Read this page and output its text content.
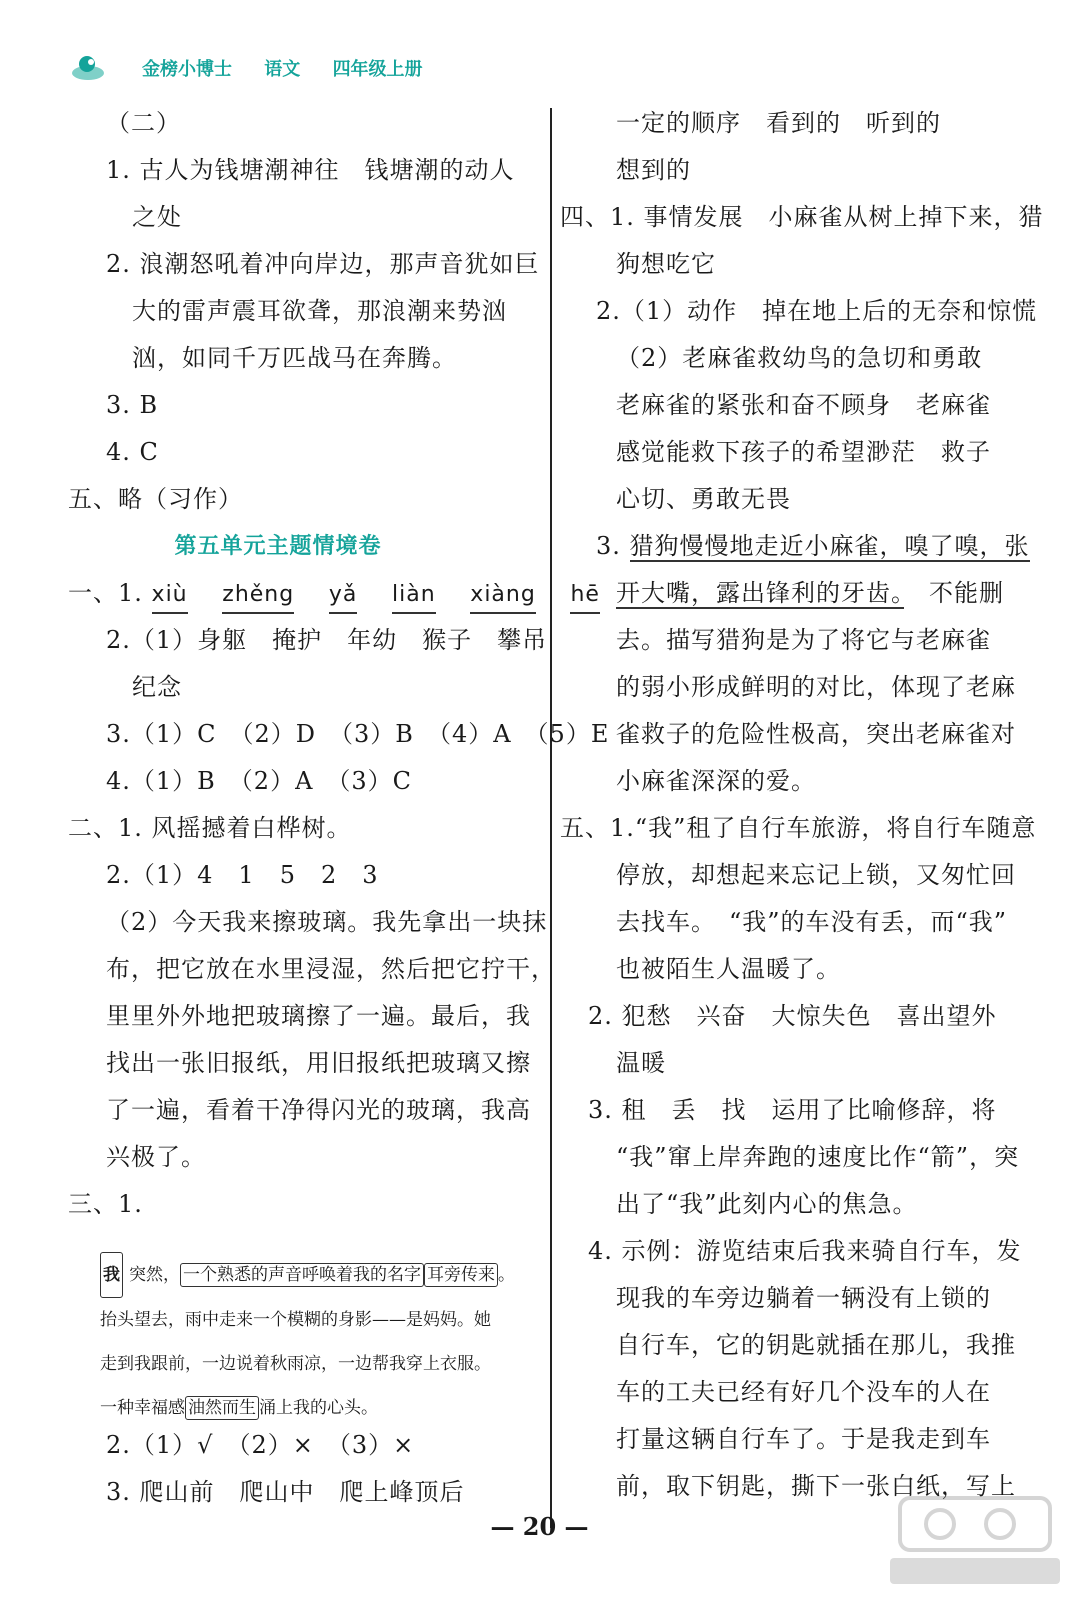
金榜小博士 语文 四年级上册
（二）
1. 古人为钱塘潮神往　钱塘潮的动人
之处
2. 浪潮怒吼着冲向岸边，那声音犹如巨
大的雷声震耳欲聋，那浪潮来势汹
汹，如同千万匹战马在奔腾。
3. B
4. C
五、略（习作）
第五单元主题情境卷
一、1. xiù zhěng yǎ liàn xiàng hē
2.（1）身躯　掩护　年幼　猴子　攀吊
纪念
3.（1）C　（2）D　（3）B　（4）A　（5）E
4.（1）B　（2）A　（3）C
二、1. 风摇撼着白桦树。
2.（1）4　1　5　2　3
（2）今天我来擦玻璃。我先拿出一块抹
布，把它放在水里浸湿，然后把它拧干，
里里外外地把玻璃擦了一遍。最后，我
找出一张旧报纸，用旧报纸把玻璃又擦
了一遍，看着干净得闪光的玻璃，我高
兴极了。
三、1.
我 突然， 一个熟悉的声音呼唤着我的名字 耳旁传来 。
抬头望去，雨中走来一个模糊的身影——是妈妈。她
走到我跟前，一边说着秋雨凉，一边帮我穿上衣服。
一种幸福感 油然而生 涌上我的心头。
2.（1）√　（2）×　（3）×
3. 爬山前　爬山中　爬上峰顶后
一定的顺序　看到的　听到的
想到的
四、1. 事情发展　小麻雀从树上掉下来，猎
狗想吃它
2.（1）动作　掉在地上后的无奈和惊慌
（2）老麻雀救幼鸟的急切和勇敢
老麻雀的紧张和奋不顾身　老麻雀
感觉能救下孩子的希望渺茫　救子
心切、勇敢无畏
3. 猎狗慢慢地走近小麻雀，嗅了嗅，张
开大嘴，露出锋利的牙齿。　不能删
去。描写猎狗是为了将它与老麻雀
的弱小形成鲜明的对比，体现了老麻
雀救子的危险性极高，突出老麻雀对
小麻雀深深的爱。
五、1.“我”租了自行车旅游，将自行车随意
停放，却想起来忘记上锁，又匆忙回
去找车。　“我”的车没有丢，而“我”
也被陌生人温暖了。
2. 犯愁　兴奋　大惊失色　喜出望外
温暖
3. 租　丢　找　运用了比喻修辞，将
“我”窜上岸奔跑的速度比作“箭”，突
出了“我”此刻内心的焦急。
4. 示例：游览结束后我来骑自行车，发
现我的车旁边躺着一辆没有上锁的
自行车，它的钥匙就插在那儿，我推
车的工夫已经有好几个没车的人在
打量这辆自行车了。于是我走到车
前，取下钥匙，撕下一张白纸，写上
— 20 —
